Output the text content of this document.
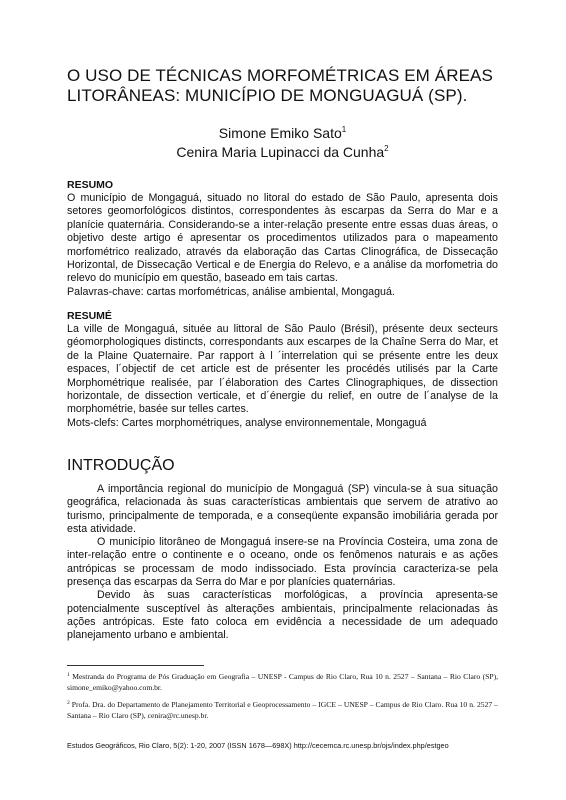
O USO DE TÉCNICAS MORFOMÉTRICAS EM ÁREAS
LITORÂNEAS: MUNICÍPIO DE MONGUAGUÁ (SP).
Simone Emiko Sato$^1$
Cenira Maria Lupinacci da Cunha$^2$
RESUMO

O município de Mongaguá, situado no litoral do estado de São Paulo, apresenta dois setores geomorfológicos distintos, correspondentes às escarpas da Serra do Mar e a planície quaternária. Considerando-se a inter-relação presente entre essas duas áreas, o objetivo deste artigo é apresentar os procedimentos utilizados para o mapeamento morfométrico realizado, através da elaboração das Cartas Clinográfica, de Dissecação Horizontal, de Dissecação Vertical e de Energia do Relevo, e a análise da morfometria do relevo do município em questão, baseado em tais cartas.

Palavras-chave: cartas morfométricas, análise ambiental, Mongaguá.

RESUMÉ

La ville de Mongaguá, située au littoral de São Paulo (Brésil), présente deux secteurs géomorphologiques distincts, correspondants aux escarpes de la Chaîne Serra do Mar, et de la Plaine Quaternaire. Par rapport à l ´interrelation qui se présente entre les deux espaces, l´objectif de cet article est de présenter les procédés utilisés par la Carte Morphométrique realisée, par l´élaboration des Cartes Clinographiques, de dissection horizontale, de dissection verticale, et d´énergie du relief, en outre de l´analyse de la morphométrie, basée sur telles cartes.

Mots-clefs: Cartes morphométriques, analyse environnementale, Mongaguá

INTRODUÇÃO

A importância regional do município de Mongaguá (SP) vincula-se à sua situação geográfica, relacionada às suas características ambientais que servem de atrativo ao turismo, principalmente de temporada, e a conseqüente expansão imobiliária gerada por esta atividade.

O município litorâneo de Mongaguá insere-se na Província Costeira, uma zona de inter-relação entre o continente e o oceano, onde os fenômenos naturais e as ações antrópicas se processam de modo indissociado. Esta província caracteriza-se pela presença das escarpas da Serra do Mar e por planícies quaternárias.

Devido às suas características morfológicas, a província apresenta-se potencialmente susceptível às alterações ambientais, principalmente relacionadas às ações antrópicas. Este fato coloca em evidência a necessidade de um adequado planejamento urbano e ambiental.

$^1$ Mestranda do Programa de Pós Graduação em Geografia – UNESP - Campus de Rio Claro, Rua 10 n. 2527 – Santana – Rio Claro (SP), simone_emiko@yahoo.com.br.
$^2$ Profa. Dra. do Departamento de Planejamento Territorial e Geoprocessamento – IGCE – UNESP – Campus de Rio Claro. Rua 10 n. 2527 – Santana – Rio Claro (SP), cenira@rc.unesp.br.
Estudos Geográficos, Rio Claro, 5(2): 1-20, 2007 (ISSN 1678—698X) http://cecemca.rc.unesp.br/ojs/index.php/estgeo
